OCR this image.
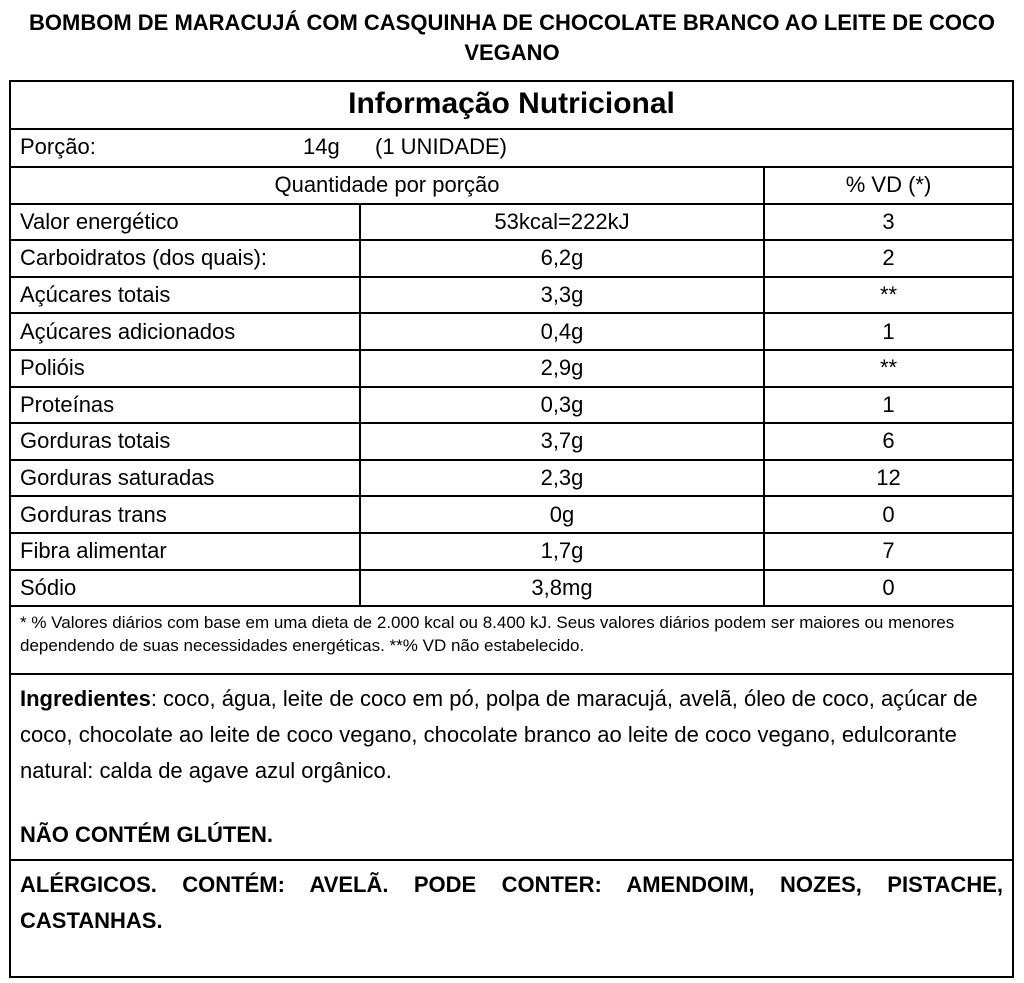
BOMBOM DE MARACUJÁ COM CASQUINHA DE CHOCOLATE BRANCO AO LEITE DE COCO VEGANO
Informação Nutricional
Porção:	14g (1 UNIDADE)
Quantidade por porção		% VD (*)
Valor energético	53kcal=222kJ	3
Carboidratos (dos quais):	6,2g	2
Açúcares totais	3,3g	**
Açúcares adicionados	0,4g	1
Polióis	2,9g	**
Proteínas	0,3g	1
Gorduras totais	3,7g	6
Gorduras saturadas	2,3g	12
Gorduras trans	0g	0
Fibra alimentar	1,7g	7
Sódio	3,8mg	0
* % Valores diários com base em uma dieta de 2.000 kcal ou 8.400 kJ. Seus valores diários podem ser maiores ou menores dependendo de suas necessidades energéticas. **% VD não estabelecido.
Ingredientes: coco, água, leite de coco em pó, polpa de maracujá, avelã, óleo de coco, açúcar de coco, chocolate ao leite de coco vegano, chocolate branco ao leite de coco vegano, edulcorante natural: calda de agave azul orgânico.
NÃO CONTÉM GLÚTEN.
ALÉRGICOS. CONTÉM: AVELÃ. PODE CONTER: AMENDOIM, NOZES, PISTACHE, CASTANHAS.
